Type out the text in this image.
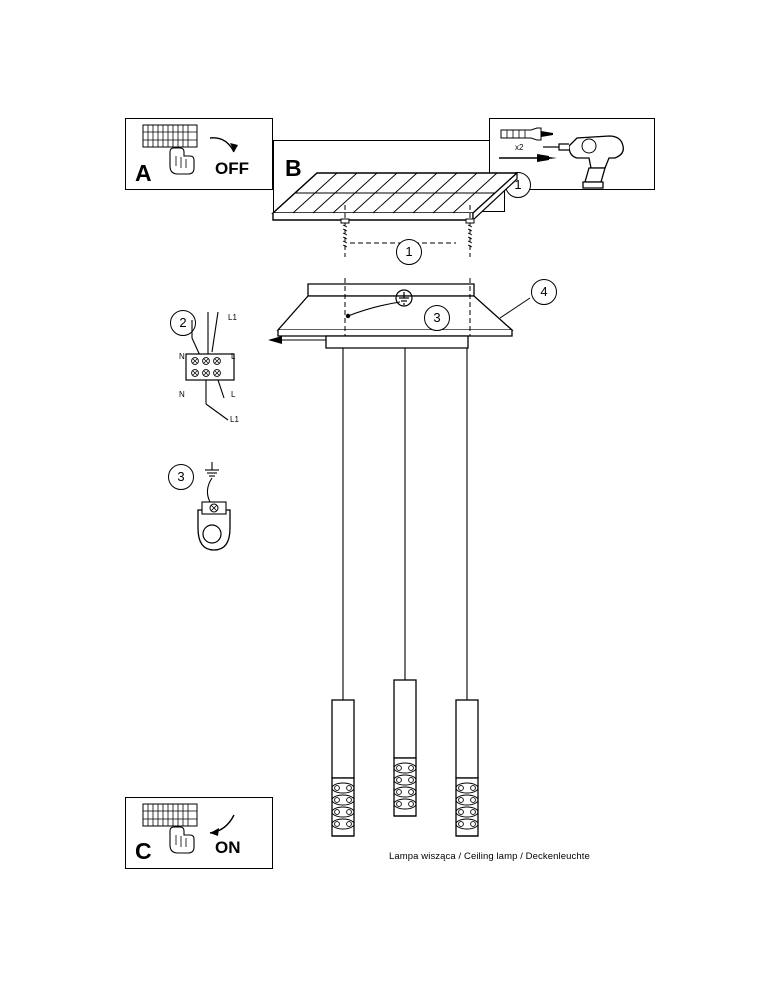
A	OFF B
1
x2
1
3
4
2	L1
L1
N
N
L
L
3
C	ON	Lampa wisząca / Ceiling lamp / Deckenleuchte
